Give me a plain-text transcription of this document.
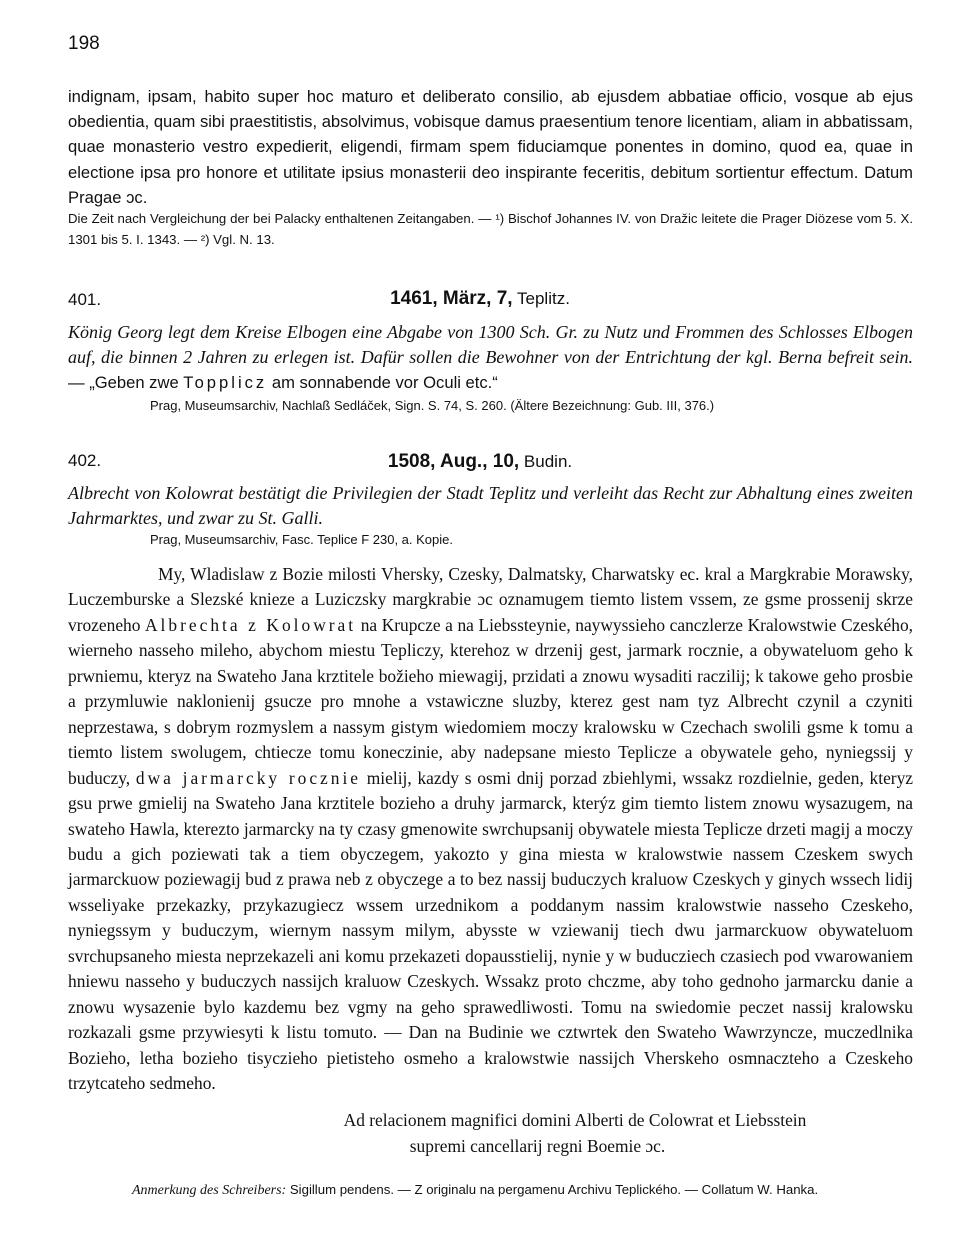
198
indignam, ipsam, habito super hoc maturo et deliberato consilio, ab ejusdem abbatiae officio, vosque ab ejus obedientia, quam sibi praestitistis, absolvimus, vobisque damus praesentium tenore licentiam, aliam in abbatissam, quae monasterio vestro expedierit, eligendi, firmam spem fiduciamque ponentes in domino, quod ea, quae in electione ipsa pro honore et utilitate ipsius monasterii deo inspirante feceritis, debitum sortientur effectum. Datum Pragae ɔc.
Die Zeit nach Vergleichung der bei Palacky enthaltenen Zeitangaben. — ¹) Bischof Johannes IV. von Dražic leitete die Prager Diözese vom 5. X. 1301 bis 5. I. 1343. — ²) Vgl. N. 13.
401.	1461, März, 7, Teplitz.
König Georg legt dem Kreise Elbogen eine Abgabe von 1300 Sch. Gr. zu Nutz und Frommen des Schlosses Elbogen auf, die binnen 2 Jahren zu erlegen ist. Dafür sollen die Bewohner von der Entrichtung der kgl. Berna befreit sein. — „Geben zwe Topplicz am sonnabende vor Oculi etc.“
Prag, Museumsarchiv, Nachlaß Sedláček, Sign. S. 74, S. 260. (Ältere Bezeichnung: Gub. III, 376.)
402.	1508, Aug., 10, Budin.
Albrecht von Kolowrat bestätigt die Privilegien der Stadt Teplitz und verleiht das Recht zur Abhaltung eines zweiten Jahrmarktes, und zwar zu St. Galli.
Prag, Museumsarchiv, Fasc. Teplice F 230, a. Kopie.
My, Wladislaw z Bozie milosti Vhersky, Czesky, Dalmatsky, Charwatsky ec. kral a Margkrabie Morawsky, Luczemburske a Slezské knieze a Luziczsky margkrabie ɔc oznamugem tiemto listem vssem, ze gsme prossenij skrze vrozeneho Albrechta z Kolowrat na Krupcze a na Liebssteynie, naywyssieho canczlerze Kralowstwie Czeského, wierneho nasseho mileho, abychom miestu Tepliczy, kterehoz w drzenij gest, jarmark rocznie, a obywateluom geho k prwniemu, kteryz na Swateho Jana krztitele božieho miewagij, przidati a znowu wysaditi raczilij; k takowe geho prosbie a przymluwie naklonienij gsucze pro mnohe a vstawiczne sluzby, kterez gest nam tyz Albrecht czynil a czyniti neprzestawa, s dobrym rozmyslem a nassym gistym wiedomiem moczy kralowsku w Czechach swolili gsme k tomu a tiemto listem swolugem, chtiecze tomu koneczinie, aby nadepsane miesto Teplicze a obywatele geho, nyniegssij y buduczy, dwa jarmarcky rocznie mielij, kazdy s osmi dnij porzad zbiehlymi, wssakz rozdielnie, geden, kteryz gsu prwe gmielij na Swateho Jana krztitele bozieho a druhy jarmarck, kterýz gim tiemto listem znowu wysazugem, na swateho Hawla, kterezto jarmarcky na ty czasy gmenowite swrchupsanij obywatele miesta Teplicze drzeti magij a moczy budu a gich poziewati tak a tiem obyczegem, yakozto y gina miesta w kralowstwie nassem Czeskem swych jarmarckuow poziewagij bud z prawa neb z obyczege a to bez nassij buduczych kraluow Czeskych y ginych wssech lidij wsseliyake przekazky, przykazugiecz wssem urzednikom a poddanym nassim kralowstwie nasseho Czeskeho, nyniegssym y buduczym, wiernym nassym milym, abysste w vziewanij tiech dwu jarmarckuow obywateluom svrchupsaneho miesta neprzekazeli ani komu przekazeti dopausstielij, nynie y w buducziech czasiech pod vwarowaniem hniewu nasseho y buduczych nassijch kraluow Czeskych. Wssakz proto chczme, aby toho gednoho jarmarcku danie a znowu wysazenie bylo kazdemu bez vgmy na geho sprawedliwosti. Tomu na swiedomie peczet nassij kralowsku rozkazali gsme przywiesyti k listu tomuto. — Dan na Budinie we cztwrtek den Swateho Wawrzyncze, muczedlnika Bozieho, letha bozieho tisyczieho pietisteho osmeho a kralowstwie nassijch Vherskeho osmnaczteho a Czeskeho trzytcateho sedmeho.
Ad relacionem magnifici domini Alberti de Colowrat et Liebsstein
supremi cancellarij regni Boemie ɔc.
Anmerkung des Schreibers: Sigillum pendens. — Z originalu na pergamenu Archivu Teplického. — Collatum W. Hanka.
